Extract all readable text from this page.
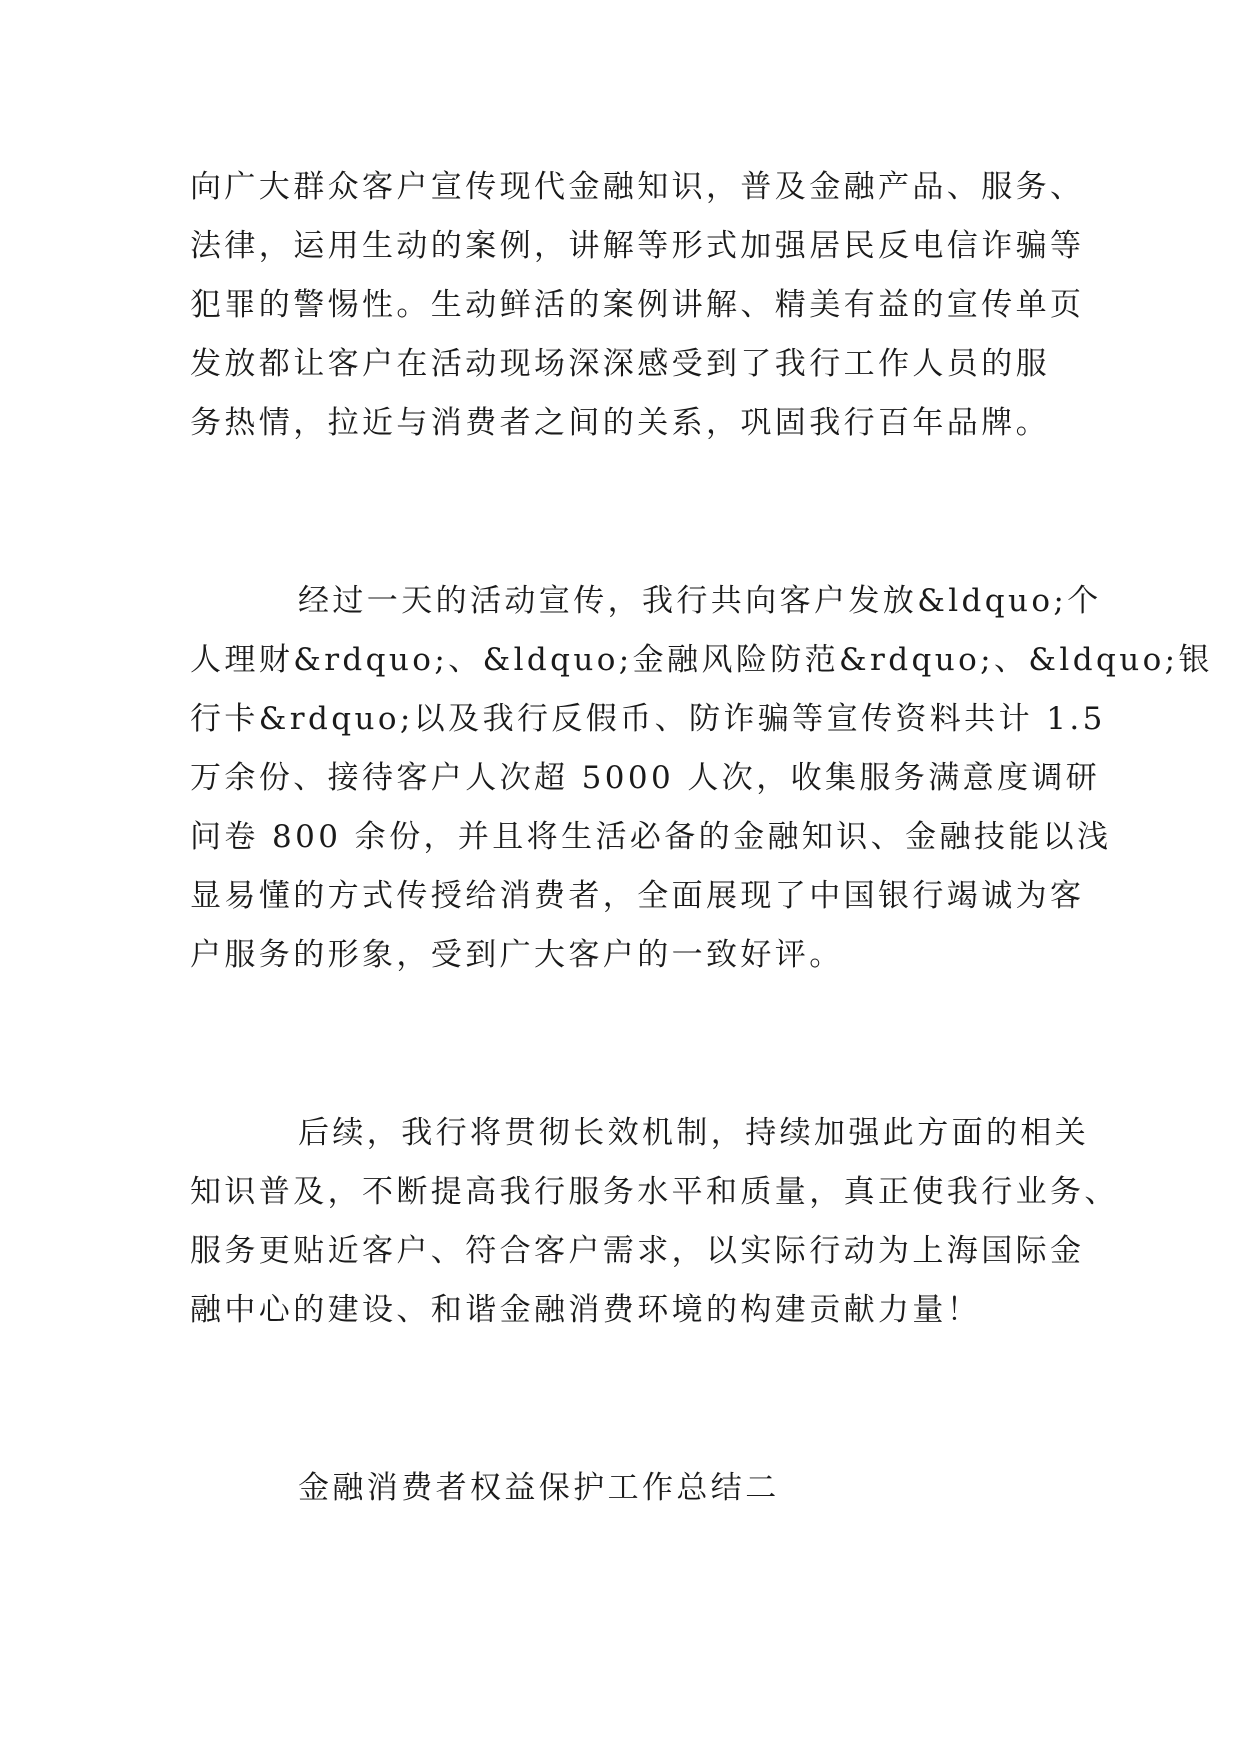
向广大群众客户宣传现代金融知识，普及金融产品、服务、
法律，运用生动的案例，讲解等形式加强居民反电信诈骗等
犯罪的警惕性。生动鲜活的案例讲解、精美有益的宣传单页
发放都让客户在活动现场深深感受到了我行工作人员的服
务热情，拉近与消费者之间的关系，巩固我行百年品牌。
经过一天的活动宣传，我行共向客户发放&ldquo;个
人理财&rdquo;、&ldquo;金融风险防范&rdquo;、&ldquo;银
行卡&rdquo;以及我行反假币、防诈骗等宣传资料共计 1.5
万余份、接待客户人次超 5000 人次，收集服务满意度调研
问卷 800 余份，并且将生活必备的金融知识、金融技能以浅
显易懂的方式传授给消费者，全面展现了中国银行竭诚为客
户服务的形象，受到广大客户的一致好评。
后续，我行将贯彻长效机制，持续加强此方面的相关
知识普及，不断提高我行服务水平和质量，真正使我行业务、
服务更贴近客户、符合客户需求，以实际行动为上海国际金
融中心的建设、和谐金融消费环境的构建贡献力量！
金融消费者权益保护工作总结二
